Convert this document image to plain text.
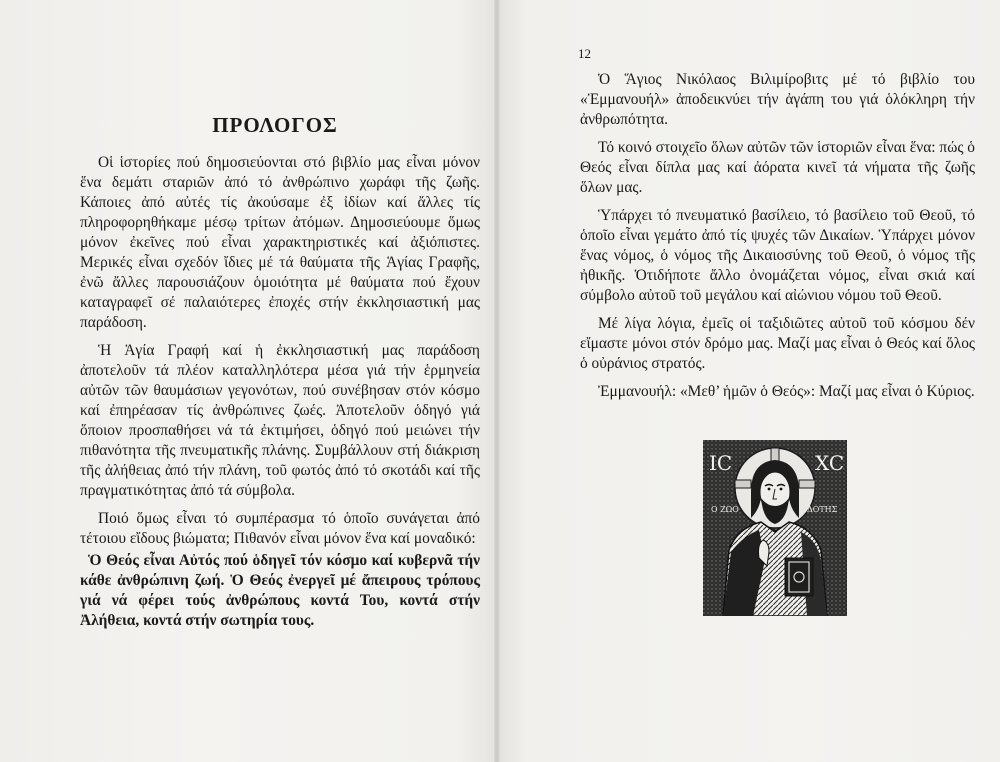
ΠΡΟΛΟΓΟΣ

Οἱ ἱστορίες πού δημοσιεύονται στό βιβλίο μας εἶναι μόνον ἕνα δεμάτι σταριῶν ἀπό τό ἀνθρώπινο χωράφι τῆς ζωῆς. Κάποιες ἀπό αὐτές τίς ἀκούσαμε ἐξ ἰδίων καί ἄλλες τίς πληροφορηθήκαμε μέσῳ τρίτων ἀτόμων. Δημοσιεύουμε ὅμως μόνον ἐκεῖνες πού εἶναι χαρακτηριστικές καί ἀξιόπιστες. Μερικές εἶναι σχεδόν ἴδιες μέ τά θαύματα τῆς Ἁγίας Γραφῆς, ἐνῶ ἄλλες παρουσιάζουν ὁμοιότητα μέ θαύματα πού ἔχουν καταγραφεῖ σέ παλαιότερες ἐποχές στήν ἐκκλησιαστική μας παράδοση.

Ἡ Ἁγία Γραφή καί ἡ ἐκκλησιαστική μας παράδοση ἀποτελοῦν τά πλέον καταλληλότερα μέσα γιά τήν ἑρμηνεία αὐτῶν τῶν θαυμάσιων γεγονότων, πού συνέβησαν στόν κόσμο καί ἐπηρέασαν τίς ἀνθρώπινες ζωές. Ἀποτελοῦν ὁδηγό γιά ὅποιον προσπαθήσει νά τά ἐκτιμήσει, ὁδηγό πού μειώνει τήν πιθανότητα τῆς πνευματικῆς πλάνης. Συμβάλλουν στή διάκριση τῆς ἀλήθειας ἀπό τήν πλάνη, τοῦ φωτός ἀπό τό σκοτάδι καί τῆς πραγματικότητας ἀπό τά σύμβολα.

Ποιό ὅμως εἶναι τό συμπέρασμα τό ὁποῖο συνάγεται ἀπό τέτοιου εἴδους βιώματα; Πιθανόν εἶναι μόνον ἕνα καί μοναδικό:

Ὁ Θεός εἶναι Αὐτός πού ὁδηγεῖ τόν κόσμο καί κυβερνᾶ τήν κάθε ἀνθρώπινη ζωή. Ὁ Θεός ἐνεργεῖ μέ ἄπειρους τρόπους γιά νά φέρει τούς ἀνθρώπους κοντά Του, κοντά στήν Ἀλήθεια, κοντά στήν σωτηρία τους.

12

Ὁ Ἅγιος Νικόλαος Βιλιμίροβιτς μέ τό βιβλίο του «Ἐμμανουήλ» ἀποδεικνύει τήν ἀγάπη του γιά ὁλόκληρη τήν ἀνθρωπότητα.

Τό κοινό στοιχεῖο ὅλων αὐτῶν τῶν ἱστοριῶν εἶναι ἕνα: πώς ὁ Θεός εἶναι δίπλα μας καί ἀόρατα κινεῖ τά νήματα τῆς ζωῆς ὅλων μας.

Ὑπάρχει τό πνευματικό βασίλειο, τό βασίλειο τοῦ Θεοῦ, τό ὁποῖο εἶναι γεμάτο ἀπό τίς ψυχές τῶν Δικαίων. Ὑπάρχει μόνον ἕνας νόμος, ὁ νόμος τῆς Δικαιοσύνης τοῦ Θεοῦ, ὁ νόμος τῆς ἠθικῆς. Ὁτιδήποτε ἄλλο ὀνομάζεται νόμος, εἶναι σκιά καί σύμβολο αὐτοῦ τοῦ μεγάλου καί αἰώνιου νόμου τοῦ Θεοῦ.

Μέ λίγα λόγια, ἐμεῖς οἱ ταξιδιῶτες αὐτοῦ τοῦ κόσμου δέν εἴμαστε μόνοι στόν δρόμο μας. Μαζί μας εἶναι ὁ Θεός καί ὅλος ὁ οὐράνιος στρατός.

Ἐμμανουήλ: «Μεθ’ ἡμῶν ὁ Θεός»: Μαζί μας εἶναι ὁ Κύριος.

IC	XC
Ο ΖΩΟ	ΔΟΤΗΣ
